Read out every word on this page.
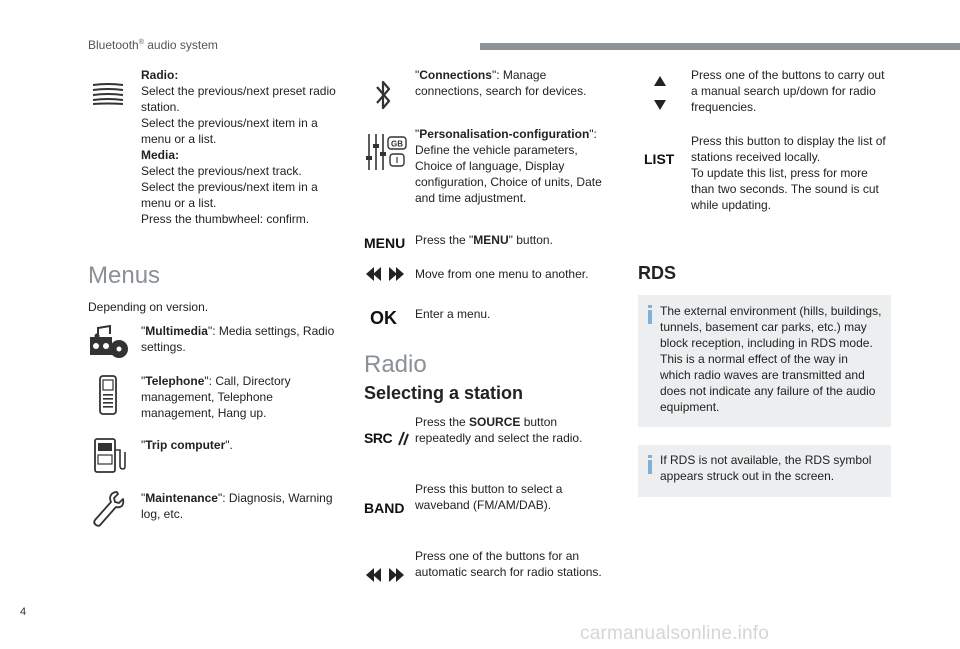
Bluetooth® audio system
Radio:
Select the previous/next preset radio
station.
Select the previous/next item in a
menu or a list.
Media:
Select the previous/next track.
Select the previous/next item in a
menu or a list.
Press the thumbwheel: confirm.
Menus
Depending on version.
"Multimedia": Media settings, Radio
settings.
"Telephone": Call, Directory
management, Telephone
management, Hang up.
"Trip computer".
"Maintenance": Diagnosis, Warning
log, etc.
"Connections": Manage
connections, search for devices.
GB
I
"Personalisation-configuration":
Define the vehicle parameters,
Choice of language, Display
configuration, Choice of units, Date
and time adjustment.
MENU Press the "MENU" button.
Move from one menu to another.
OK Enter a menu.
Radio
Selecting a station
SRC
Press the SOURCE button
repeatedly and select the radio.
BAND
Press this button to select a
waveband (FM/AM/DAB).
Press one of the buttons for an
automatic search for radio stations.
Press one of the buttons to carry out
a manual search up/down for radio
frequencies.
LIST
Press this button to display the list of
stations received locally.
To update this list, press for more
than two seconds. The sound is cut
while updating.
RDS
The external environment (hills, buildings,
tunnels, basement car parks, etc.) may
block reception, including in RDS mode.
This is a normal effect of the way in
which radio waves are transmitted and
does not indicate any failure of the audio
equipment.
If RDS is not available, the RDS symbol
appears struck out in the screen.
4
carmanualsonline.info
